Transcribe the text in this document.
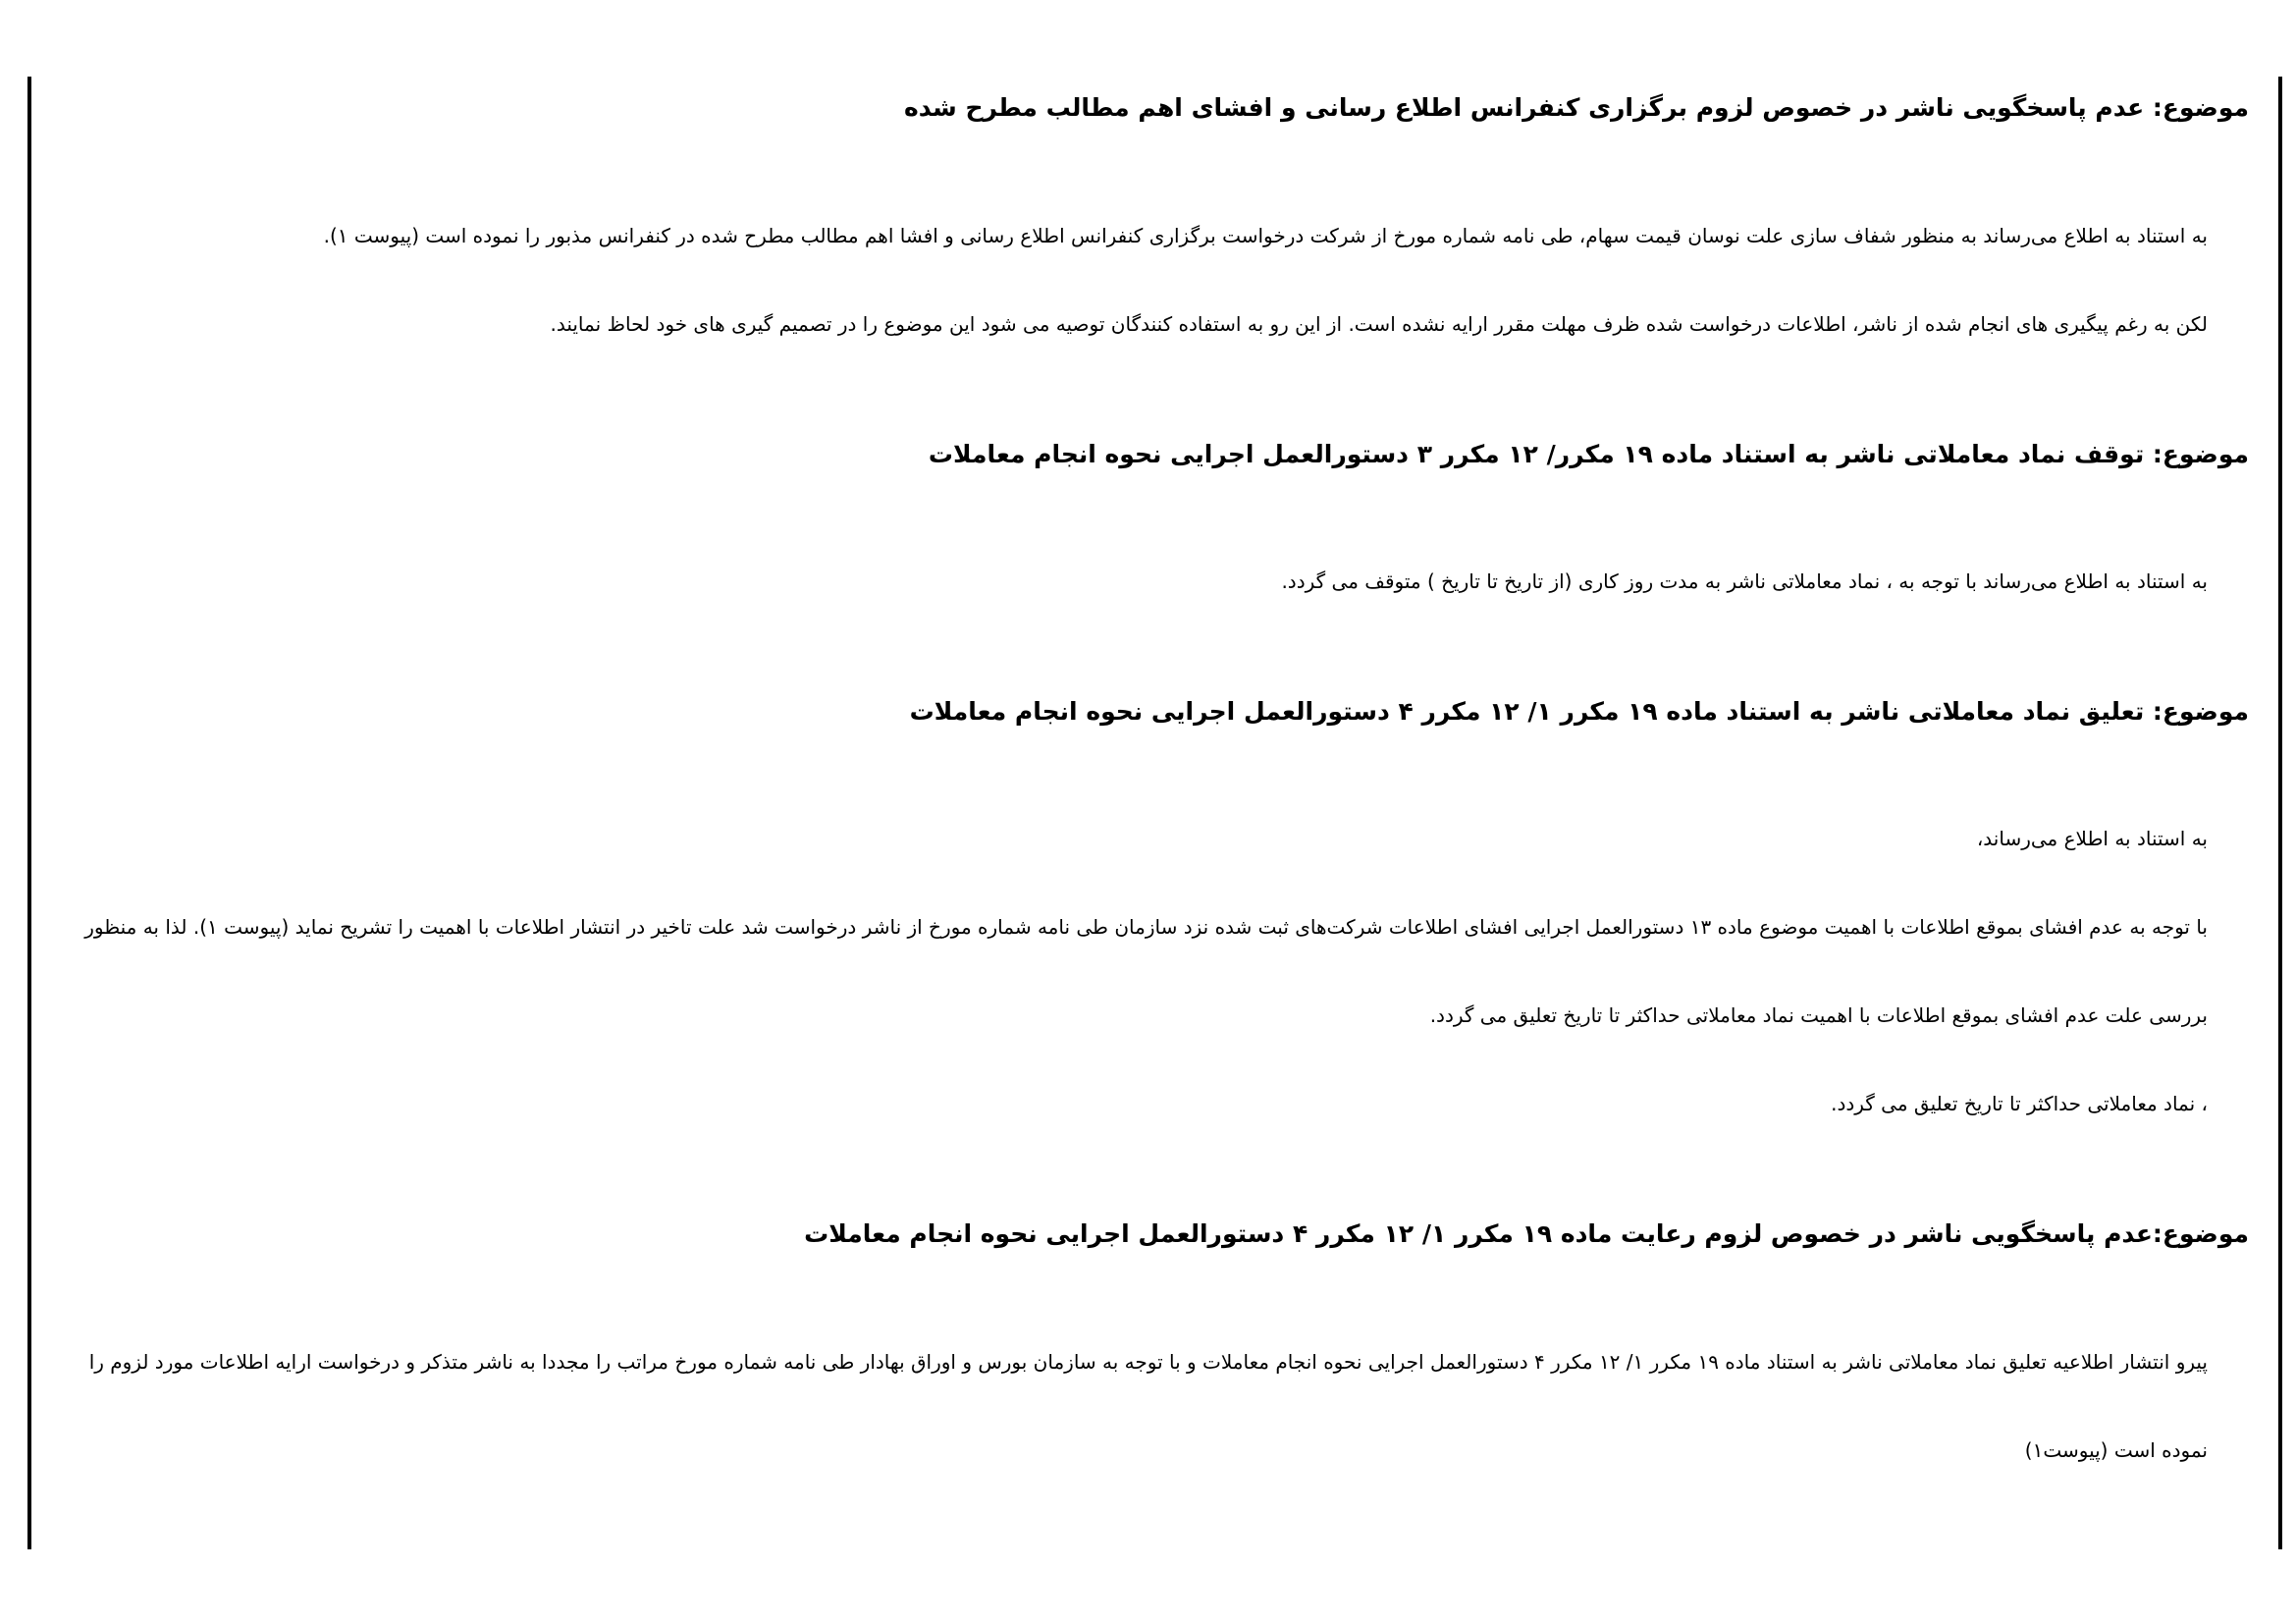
موضوع: عدم پاسخگویی ناشر در خصوص لزوم برگزاری کنفرانس اطلاع رسانی و افشای اهم مطالب مطرح شده
به استناد به اطلاع می‌رساند به منظور شفاف سازی علت نوسان قیمت سهام، طی نامه شماره مورخ از شرکت درخواست برگزاری کنفرانس اطلاع رسانی و افشا اهم مطالب مطرح شده در کنفرانس مذبور را نموده است (پیوست ۱).
لکن به رغم پیگیری های انجام شده از ناشر، اطلاعات درخواست شده ظرف مهلت مقرر ارایه نشده است. از این رو به استفاده کنندگان توصیه می شود این موضوع را در تصمیم گیری های خود لحاظ نمایند.
موضوع: توقف نماد معاملاتی ناشر به استناد ماده ۱۹ مکرر/ ۱۲ مکرر ۳ دستورالعمل اجرایی نحوه انجام معاملات
به استناد به اطلاع می‌رساند با توجه به ، نماد معاملاتی ناشر به مدت روز کاری (از تاریخ تا تاریخ ) متوقف می گردد.
موضوع: تعلیق نماد معاملاتی ناشر به استناد ماده ۱۹ مکرر ۱/ ۱۲ مکرر ۴ دستورالعمل اجرایی نحوه انجام معاملات
به استناد به اطلاع می‌رساند،
با توجه به عدم افشای بموقع اطلاعات با اهمیت موضوع ماده ۱۳ دستورالعمل اجرایی افشای اطلاعات شرکت‌های ثبت شده نزد سازمان طی نامه شماره مورخ از ناشر درخواست شد علت تاخیر در انتشار اطلاعات با اهمیت را تشریح نماید (پیوست ۱). لذا به منظور
بررسی علت عدم افشای بموقع اطلاعات با اهمیت نماد معاملاتی حداکثر تا تاریخ تعلیق می گردد.
، نماد معاملاتی حداکثر تا تاریخ تعلیق می گردد.
موضوع:عدم پاسخگویی ناشر در خصوص لزوم رعایت ماده ۱۹ مکرر ۱/ ۱۲ مکرر ۴ دستورالعمل اجرایی نحوه انجام معاملات
پیرو انتشار اطلاعیه تعلیق نماد معاملاتی ناشر به استناد ماده ۱۹ مکرر ۱/ ۱۲ مکرر ۴ دستورالعمل اجرایی نحوه انجام معاملات و با توجه به سازمان بورس و اوراق بهادار طی نامه شماره مورخ مراتب را مجددا به ناشر متذکر و درخواست ارایه اطلاعات مورد لزوم را
نموده است (پیوست۱)
